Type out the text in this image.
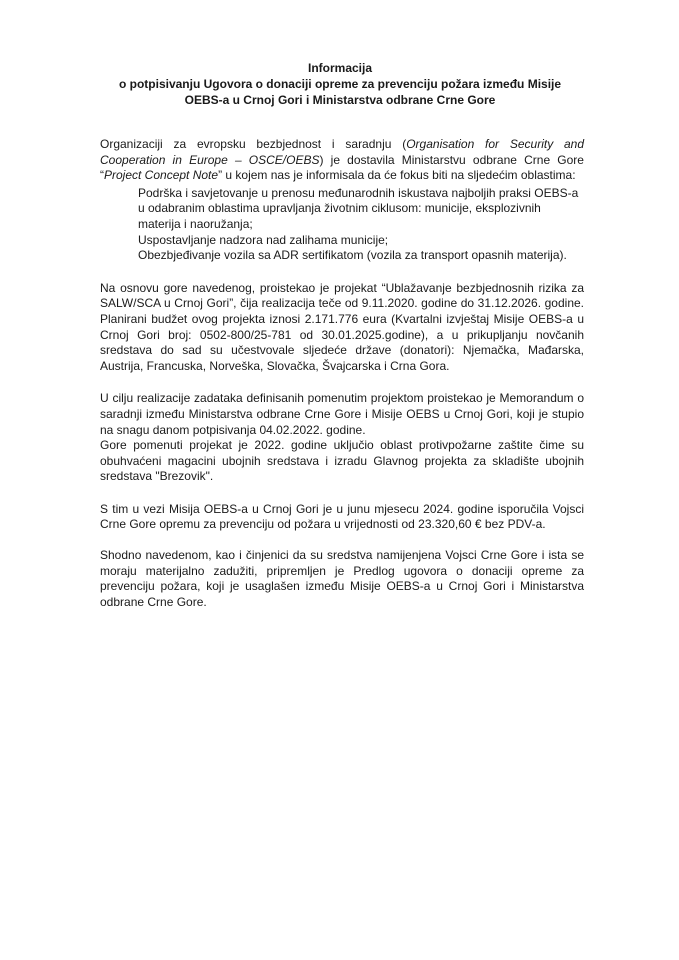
Informacija
o potpisivanju Ugovora o donaciji opreme za prevenciju požara između Misije
OEBS-a u Crnoj Gori i Ministarstva odbrane Crne Gore

Organizaciji za evropsku bezbjednost i saradnju (Organisation for Security and Cooperation in Europe – OSCE/OEBS) je dostavila Ministarstvu odbrane Crne Gore “Project Concept Note” u kojem nas je informisala da će fokus biti na sljedećim oblastima:

Podrška i savjetovanje u prenosu međunarodnih iskustava najboljih praksi OEBS-a u odabranim oblastima upravljanja životnim ciklusom: municije, eksplozivnih materija i naoružanja;
Uspostavljanje nadzora nad zalihama municije;
Obezbjeđivanje vozila sa ADR sertifikatom (vozila za transport opasnih materija).

Na osnovu gore navedenog, proistekao je projekat “Ublažavanje bezbjednosnih rizika za SALW/SCA u Crnoj Gori”, čija realizacija teče od 9.11.2020. godine do 31.12.2026. godine. Planirani budžet ovog projekta iznosi 2.171.776 eura (Kvartalni izvještaj Misije OEBS-a u Crnoj Gori broj: 0502-800/25-781 od 30.01.2025.godine), a u prikupljanju novčanih sredstava do sad su učestvovale sljedeće države (donatori): Njemačka, Mađarska, Austrija, Francuska, Norveška, Slovačka, Švajcarska i Crna Gora.

U cilju realizacije zadataka definisanih pomenutim projektom proistekao je Memorandum o saradnji između Ministarstva odbrane Crne Gore i Misije OEBS u Crnoj Gori, koji je stupio na snagu danom potpisivanja 04.02.2022. godine.

Gore pomenuti projekat je 2022. godine uključio oblast protivpožarne zaštite čime su obuhvaćeni magacini ubojnih sredstava i izradu Glavnog projekta za skladište ubojnih sredstava "Brezovik".

S tim u vezi Misija OEBS-a u Crnoj Gori je u junu mjesecu 2024. godine isporučila Vojsci Crne Gore opremu za prevenciju od požara u vrijednosti od 23.320,60 € bez PDV-a.

Shodno navedenom, kao i činjenici da su sredstva namijenjena Vojsci Crne Gore i ista se moraju materijalno zadužiti, pripremljen je Predlog ugovora o donaciji opreme za prevenciju požara, koji je usaglašen između Misije OEBS-a u Crnoj Gori i Ministarstva odbrane Crne Gore.
